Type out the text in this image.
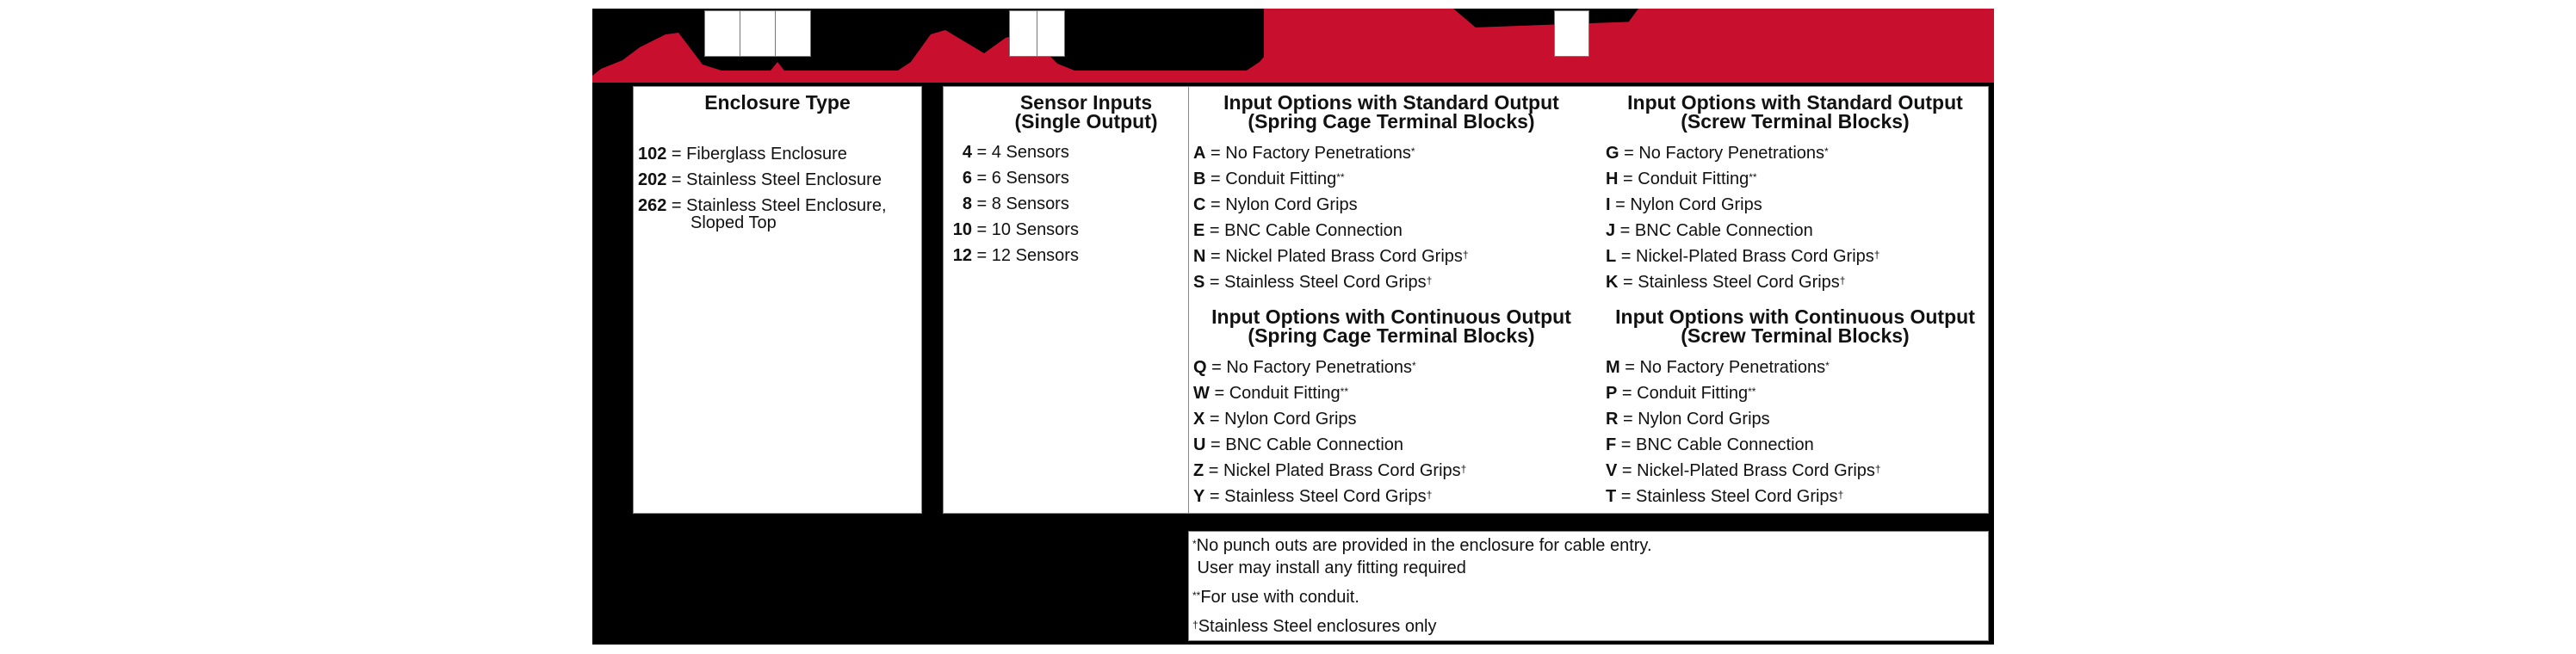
Enclosure Type
102 = Fiberglass Enclosure
202 = Stainless Steel Enclosure
262 = Stainless Steel Enclosure,
Sloped Top
Sensor Inputs
(Single Output)
4 = 4 Sensors
6 = 6 Sensors
8 = 8 Sensors
10 = 10 Sensors
12 = 12 Sensors
Input Options with Standard Output
(Spring Cage Terminal Blocks)
A = No Factory Penetrations*
B = Conduit Fitting**
C = Nylon Cord Grips
E = BNC Cable Connection
N = Nickel Plated Brass Cord Grips†
S = Stainless Steel Cord Grips†
Input Options with Standard Output
(Screw Terminal Blocks)
G = No Factory Penetrations*
H = Conduit Fitting**
I = Nylon Cord Grips
J = BNC Cable Connection
L = Nickel-Plated Brass Cord Grips†
K = Stainless Steel Cord Grips†
Input Options with Continuous Output
(Spring Cage Terminal Blocks)
Q = No Factory Penetrations*
W = Conduit Fitting**
X = Nylon Cord Grips
U = BNC Cable Connection
Z = Nickel Plated Brass Cord Grips†
Y = Stainless Steel Cord Grips†
Input Options with Continuous Output
(Screw Terminal Blocks)
M = No Factory Penetrations*
P = Conduit Fitting**
R = Nylon Cord Grips
F = BNC Cable Connection
V = Nickel-Plated Brass Cord Grips†
T = Stainless Steel Cord Grips†
*No punch outs are provided in the enclosure for cable entry.
User may install any fitting required
**For use with conduit.
†Stainless Steel enclosures only
